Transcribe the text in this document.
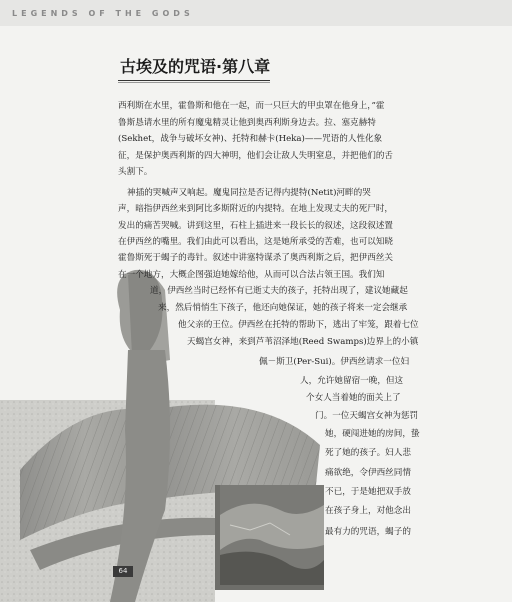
LEGENDS OF THE GODS
古埃及的咒语·第八章
西利斯在水里，霍鲁斯和他在一起，而一只巨大的甲虫罩在他身上，”霍
鲁斯恳请水里的所有魔鬼精灵让他到奥西利斯身边去。拉、塞克赫特
(Sekhet，战争与破坏女神)、托特和赫卡(Heka)——咒语的人性化象
征，是保护奥西利斯的四大神明，他们会让敌人失明窒息，并把他们的舌
头割下。
神插的哭喊声又响起。魔鬼同拉是否记得内提特(Netit)河畔的哭
声，暗指伊西丝来到阿比多斯附近的内提特。在地上发现丈夫的死尸时，
发出的痛苦哭喊。讲到这里，石柱上插进来一段长长的叙述，这段叙述置
在伊西丝的嘴里。我们由此可以看出，这是她所承受的苦难，也可以知晓
霍鲁斯死于蝎子的毒针。叙述中讲塞特谋杀了奥西利斯之后，把伊西丝关
在一个地方，大概企图强迫她嫁给他，从而可以合法占领王国。我们知
道，伊西丝当时已经怀有已逝丈夫的孩子，托特出现了，建议她藏起
来，然后悄悄生下孩子，他还向她保证，她的孩子将来一定会继承
他父亲的王位。伊西丝在托特的帮助下，逃出了牢笼，跟着七位
天蝎宫女神，来到芦苇沼泽地(Reed Swamps)边界上的小镇
佩－斯卫(Per-Sui)。伊西丝请求一位妇
人，允许她留宿一晚，但这
个女人当着她的面关上了
门。一位天蝎宫女神为惩罚
她，硬闯进她的房间，蛰
死了她的孩子。妇人悲
痛欲绝，令伊西丝同情
不已，于是她把双手放
在孩子身上，对他念出
最有力的咒语，蝎子的
64
